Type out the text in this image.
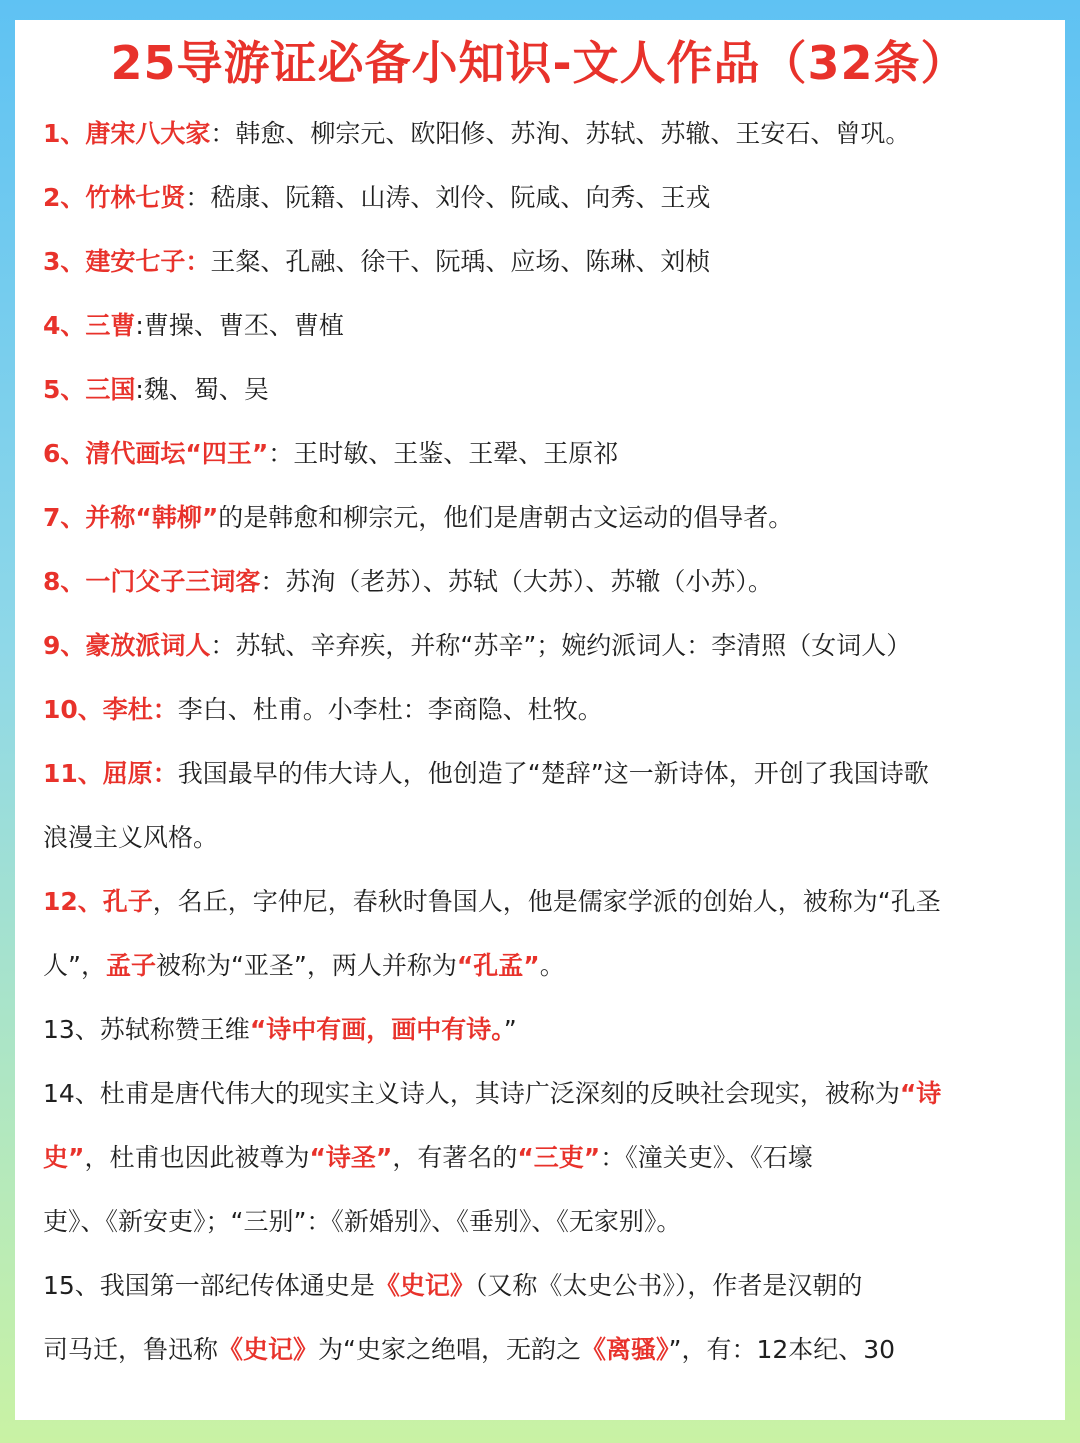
25导游证必备小知识-文人作品（32条）
1、唐宋八大家：韩愈、柳宗元、欧阳修、苏洵、苏轼、苏辙、王安石、曾巩。
2、竹林七贤：嵇康、阮籍、山涛、刘伶、阮咸、向秀、王戎
3、建安七子：王粲、孔融、徐干、阮瑀、应场、陈琳、刘桢
4、三曹:曹操、曹丕、曹植
5、三国:魏、蜀、吴
6、清代画坛“四王”：王时敏、王鉴、王翚、王原祁
7、并称“韩柳”的是韩愈和柳宗元，他们是唐朝古文运动的倡导者。
8、一门父子三词客：苏洵（老苏）、苏轼（大苏）、苏辙（小苏）。
9、豪放派词人：苏轼、辛弃疾，并称“苏辛”；婉约派词人：李清照（女词人）
10、李杜：李白、杜甫。小李杜：李商隐、杜牧。
11、屈原：我国最早的伟大诗人，他创造了“楚辞”这一新诗体，开创了我国诗歌
浪漫主义风格。
12、孔子，名丘，字仲尼，春秋时鲁国人，他是儒家学派的创始人，被称为“孔圣
人”，孟子被称为“亚圣”，两人并称为“孔孟”。
13、苏轼称赞王维“诗中有画，画中有诗。”
14、杜甫是唐代伟大的现实主义诗人，其诗广泛深刻的反映社会现实，被称为“诗
史”，杜甫也因此被尊为“诗圣”，有著名的“三吏”：《潼关吏》、《石壕
吏》、《新安吏》；“三别”：《新婚别》、《垂别》、《无家别》。
15、我国第一部纪传体通史是《史记》（又称《太史公书》），作者是汉朝的
司马迁，鲁迅称《史记》为“史家之绝唱，无韵之《离骚》”，有：12本纪、30
